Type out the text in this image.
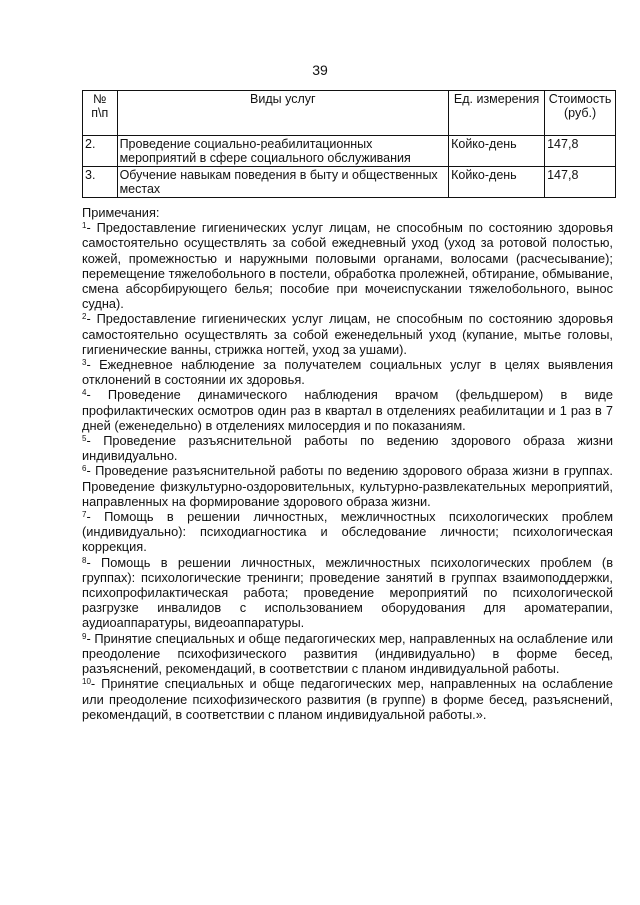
39
№ п\п	Виды услуг	Ед. измерения	Стоимость (руб.)
2.	Проведение социально-реабилитационных мероприятий в сфере социального обслуживания	Койко-день	147,8
3.	Обучение навыкам поведения в быту и общественных местах	Койко-день	147,8

Примечания:

$^1$- Предоставление гигиенических услуг лицам, не способным по состоянию здоровья самостоятельно осуществлять за собой ежедневный уход (уход за ротовой полостью, кожей, промежностью и наружными половыми органами, волосами (расчесывание); перемещение тяжелобольного в постели, обработка пролежней, обтирание, обмывание, смена абсорбирующего белья; пособие при мочеиспускании тяжелобольного, вынос судна).

$^2$- Предоставление гигиенических услуг лицам, не способным по состоянию здоровья самостоятельно осуществлять за собой еженедельный уход (купание, мытье головы, гигиенические ванны, стрижка ногтей, уход за ушами).

$^3$- Ежедневное наблюдение за получателем социальных услуг в целях выявления отклонений в состоянии их здоровья.

$^4$- Проведение динамического наблюдения врачом (фельдшером) в виде профилактических осмотров один раз в квартал в отделениях реабилитации и 1 раз в 7 дней (еженедельно) в отделениях милосердия и по показаниям.

$^5$- Проведение разъяснительной работы по ведению здорового образа жизни индивидуально.

$^6$- Проведение разъяснительной работы по ведению здорового образа жизни в группах. Проведение физкультурно-оздоровительных, культурно-развлекательных мероприятий, направленных на формирование здорового образа жизни.

$^7$- Помощь в решении личностных, межличностных психологических проблем (индивидуально): психодиагностика и обследование личности; психологическая коррекция.

$^8$- Помощь в решении личностных, межличностных психологических проблем (в группах): психологические тренинги; проведение занятий в группах взаимоподдержки, психопрофилактическая работа; проведение мероприятий по психологической разгрузке инвалидов с использованием оборудования для ароматерапии, аудиоаппаратуры, видеоаппаратуры.

$^9$- Принятие специальных и обще педагогических мер, направленных на ослабление или преодоление психофизического развития (индивидуально) в форме бесед, разъяснений, рекомендаций, в соответствии с планом индивидуальной работы.

$^{10}$- Принятие специальных и обще педагогических мер, направленных на ослабление или преодоление психофизического развития (в группе) в форме бесед, разъяснений, рекомендаций, в соответствии с планом индивидуальной работы.».
